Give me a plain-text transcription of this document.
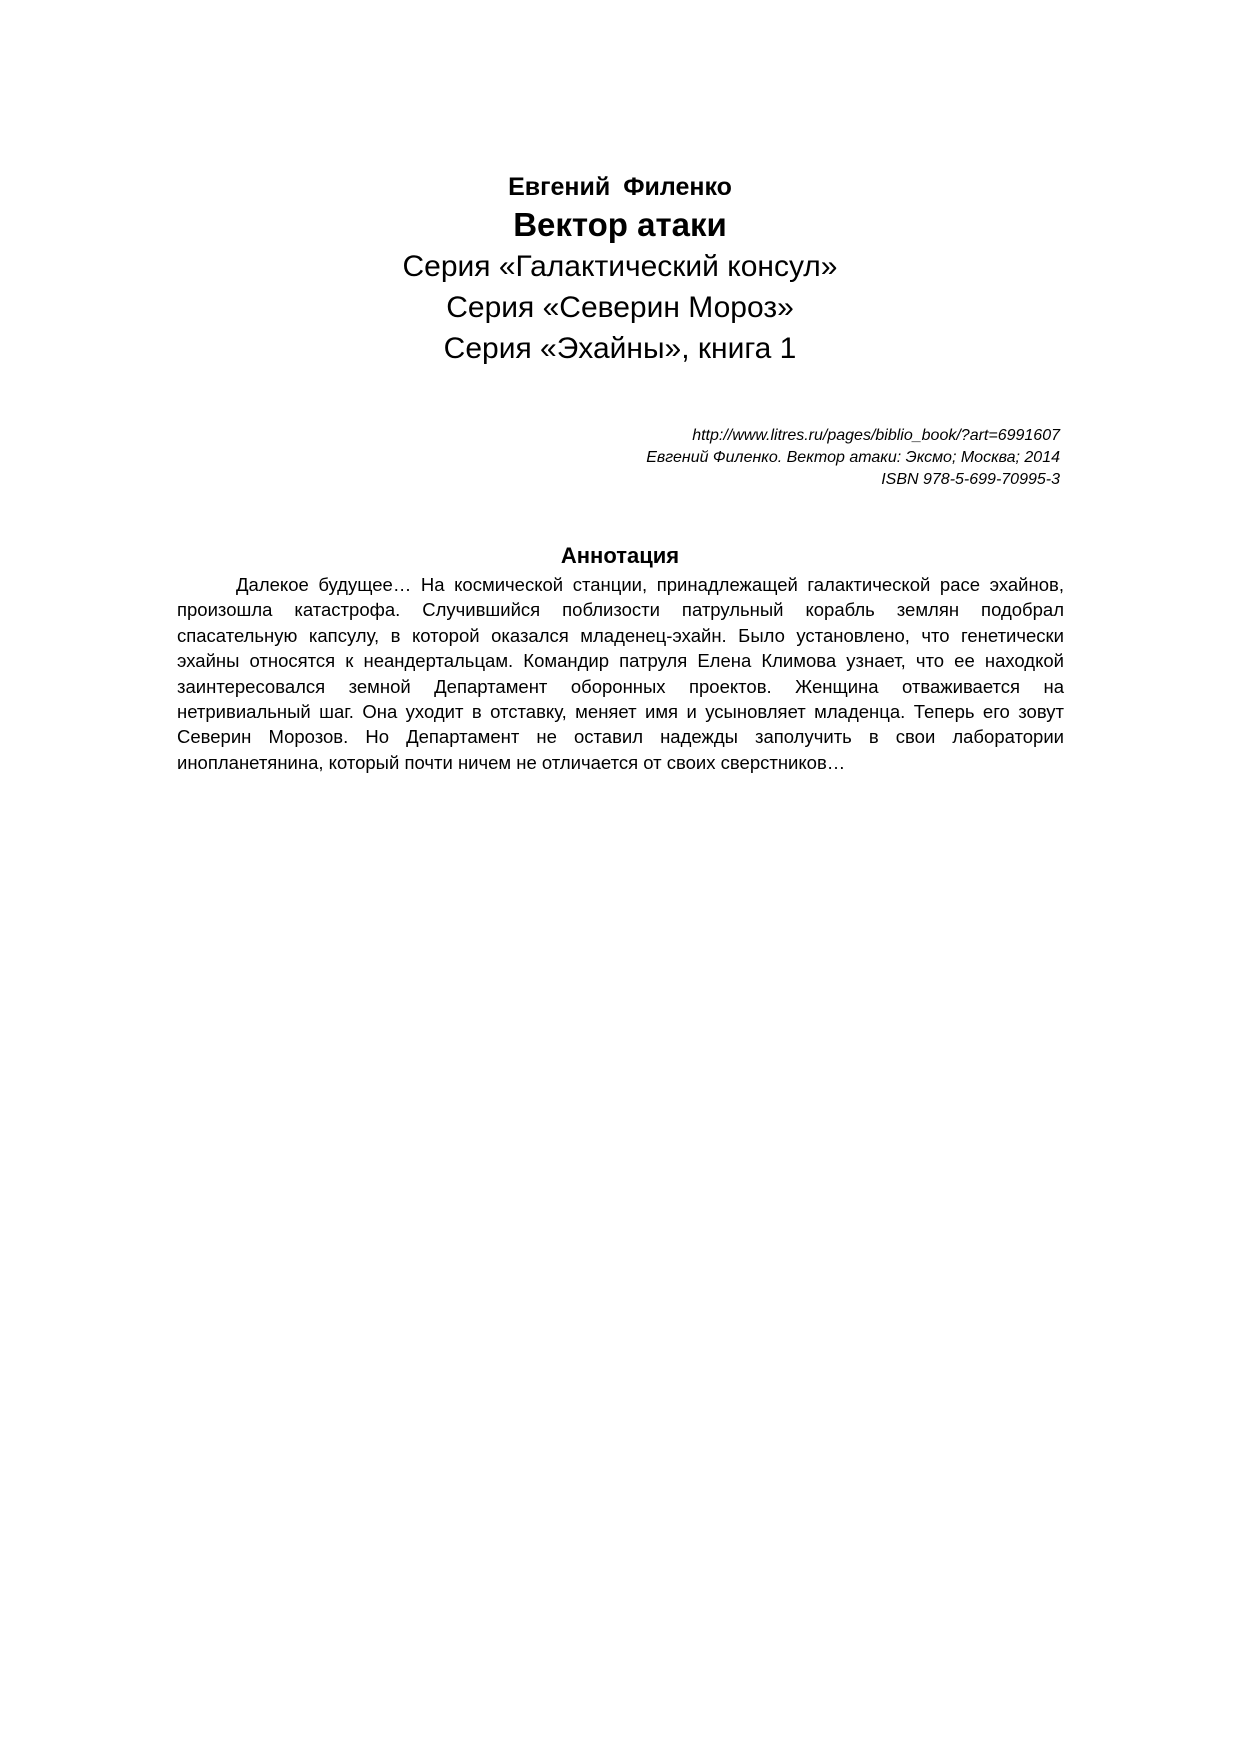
Евгений Филенко
Вектор атаки
Серия «Галактический консул»
Серия «Северин Мороз»
Серия «Эхайны», книга 1
http://www.litres.ru/pages/biblio_book/?art=6991607
Евгений Филенко. Вектор атаки: Эксмо; Москва; 2014
ISBN 978-5-699-70995-3
Аннотация

Далекое будущее… На космической станции, принадлежащей галактической расе эхайнов, произошла катастрофа. Случившийся поблизости патрульный корабль землян подобрал спасательную капсулу, в которой оказался младенец-эхайн. Было установлено, что генетически эхайны относятся к неандертальцам. Командир патруля Елена Климова узнает, что ее находкой заинтересовался земной Департамент оборонных проектов. Женщина отваживается на нетривиальный шаг. Она уходит в отставку, меняет имя и усыновляет младенца. Теперь его зовут Северин Морозов. Но Департамент не оставил надежды заполучить в свои лаборатории инопланетянина, который почти ничем не отличается от своих сверстников…
